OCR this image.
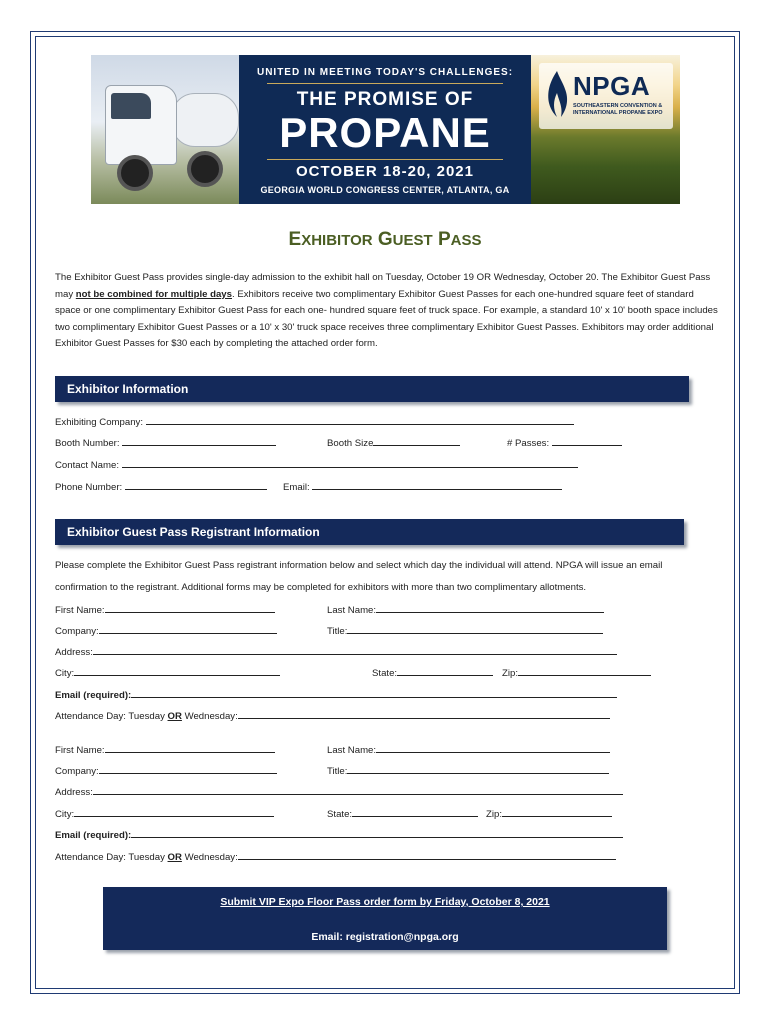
UNITED IN MEETING TODAY'S CHALLENGES:
THE PROMISE OF
PROPANE
OCTOBER 18-20, 2021
GEORGIA WORLD CONGRESS CENTER, ATLANTA, GA
NPGA
SOUTHEASTERN CONVENTION & INTERNATIONAL PROPANE EXPO
EXHIBITOR GUEST PASS
The Exhibitor Guest Pass provides single-day admission to the exhibit hall on Tuesday, October 19 OR Wednesday, October 20. The Exhibitor Guest Pass may not be combined for multiple days. Exhibitors receive two complimentary Exhibitor Guest Passes for each one-hundred square feet of standard space or one complimentary Exhibitor Guest Pass for each one- hundred square feet of truck space. For example, a standard 10' x 10' booth space includes two complimentary Exhibitor Guest Passes or a 10' x 30' truck space receives three complimentary Exhibitor Guest Passes. Exhibitors may order additional Exhibitor Guest Passes for $30 each by completing the attached order form.
Exhibitor Information
Exhibiting Company:
Booth Number:	Booth Size	# Passes:
Contact Name:
Phone Number:	Email:
Exhibitor Guest Pass Registrant Information
Please complete the Exhibitor Guest Pass registrant information below and select which day the individual will attend. NPGA will issue an email
confirmation to the registrant. Additional forms may be completed for exhibitors with more than two complimentary allotments.
First Name:	Last Name:
Company:	Title:
Address:
City:	State:	Zip:
Email (required):
Attendance Day: Tuesday OR Wednesday:
First Name:	Last Name:
Company:	Title:
Address:
City:	State:	Zip:
Email (required):
Attendance Day: Tuesday OR Wednesday:
Submit VIP Expo Floor Pass order form by Friday, October 8, 2021
Email: registration@npga.org
